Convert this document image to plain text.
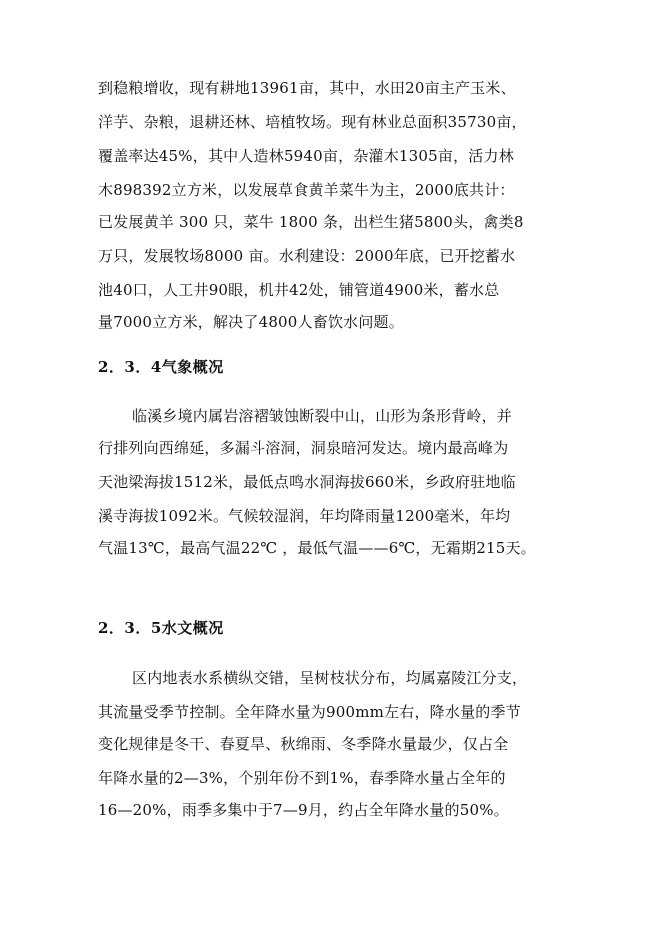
到稳粮增收，现有耕地13961亩，其中，水田20亩主产玉米、
洋芋、杂粮，退耕还林、培植牧场。现有林业总面积35730亩，
覆盖率达45%，其中人造林5940亩，杂灌木1305亩，活力林
木898392立方米，以发展草食黄羊菜牛为主，2000底共计：
已发展黄羊 300 只，菜牛 1800 条，出栏生猪5800头，禽类8
万只，发展牧场8000 亩。水利建设：2000年底，已开挖蓄水
池40口，人工井90眼，机井42处，铺管道4900米，蓄水总
量7000立方米，解决了4800人畜饮水问题。
2．3．4气象概况
临溪乡境内属岩溶褶皱蚀断裂中山，山形为条形背岭，并
行排列向西绵延，多漏斗溶洞，洞泉暗河发达。境内最高峰为
天池梁海拔1512米，最低点鸣水洞海拔660米，乡政府驻地临
溪寺海拔1092米。气候较湿润，年均降雨量1200毫米，年均
气温13℃，最高气温22℃ ，最低气温——6℃，无霜期215天。
2．3．5水文概况
区内地表水系横纵交错，呈树枝状分布，均属嘉陵江分支，
其流量受季节控制。全年降水量为900mm左右，降水量的季节
变化规律是冬干、春夏旱、秋绵雨、冬季降水量最少，仅占全
年降水量的2—3%，个别年份不到1%，春季降水量占全年的
16—20%，雨季多集中于7—9月，约占全年降水量的50%。
